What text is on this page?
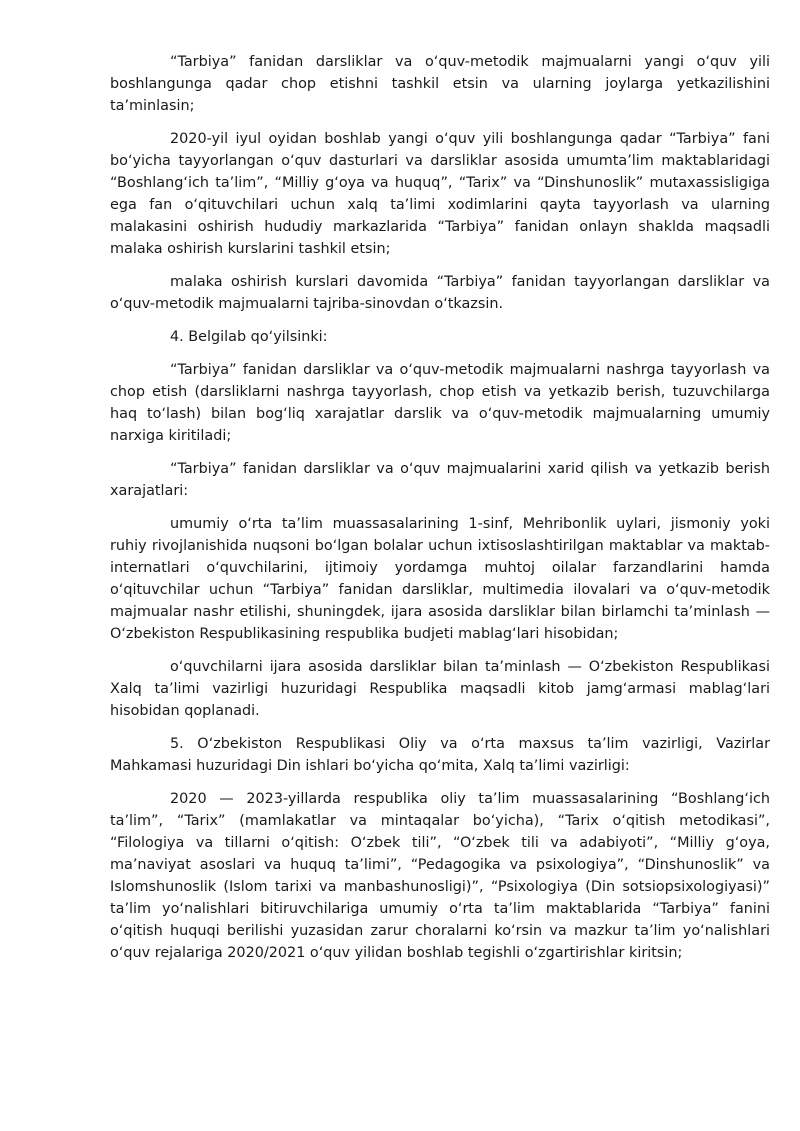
“Tarbiya” fanidan darsliklar va o‘quv-metodik majmualarni yangi o‘quv yili boshlangunga qadar chop etishni tashkil etsin va ularning joylarga yetkazilishini ta’minlasin;

2020-yil iyul oyidan boshlab yangi o‘quv yili boshlangunga qadar “Tarbiya” fani bo‘yicha tayyorlangan o‘quv dasturlari va darsliklar asosida umumta’lim maktablaridagi “Boshlang‘ich ta’lim”, “Milliy g‘oya va huquq”, “Tarix” va “Dinshunoslik” mutaxassisligiga ega fan o‘qituvchilari uchun xalq ta’limi xodimlarini qayta tayyorlash va ularning malakasini oshirish hududiy markazlarida “Tarbiya” fanidan onlayn shaklda maqsadli malaka oshirish kurslarini tashkil etsin;

malaka oshirish kurslari davomida “Tarbiya” fanidan tayyorlangan darsliklar va o‘quv-metodik majmualarni tajriba-sinovdan o‘tkazsin.

4. Belgilab qo‘yilsinki:

“Tarbiya” fanidan darsliklar va o‘quv-metodik majmualarni nashrga tayyorlash va chop etish (darsliklarni nashrga tayyorlash, chop etish va yetkazib berish, tuzuvchilarga haq to‘lash) bilan bog‘liq xarajatlar darslik va o‘quv-metodik majmualarning umumiy narxiga kiritiladi;

“Tarbiya” fanidan darsliklar va o‘quv majmualarini xarid qilish va yetkazib berish xarajatlari:

umumiy o‘rta ta’lim muassasalarining 1-sinf, Mehribonlik uylari, jismoniy yoki ruhiy rivojlanishida nuqsoni bo‘lgan bolalar uchun ixtisoslashtirilgan maktablar va maktab-internatlari o‘quvchilarini, ijtimoiy yordamga muhtoj oilalar farzandlarini hamda o‘qituvchilar uchun “Tarbiya” fanidan darsliklar, multimedia ilovalari va o‘quv-metodik majmualar nashr etilishi, shuningdek, ijara asosida darsliklar bilan birlamchi ta’minlash — O‘zbekiston Respublikasining respublika budjeti mablag‘lari hisobidan;

o‘quvchilarni ijara asosida darsliklar bilan ta’minlash — O‘zbekiston Respublikasi Xalq ta’limi vazirligi huzuridagi Respublika maqsadli kitob jamg‘armasi mablag‘lari hisobidan qoplanadi.

5. O‘zbekiston Respublikasi Oliy va o‘rta maxsus ta’lim vazirligi, Vazirlar Mahkamasi huzuridagi Din ishlari bo‘yicha qo‘mita, Xalq ta’limi vazirligi:

2020 — 2023-yillarda respublika oliy ta’lim muassasalarining “Boshlang‘ich ta’lim”, “Tarix” (mamlakatlar va mintaqalar bo‘yicha), “Tarix o‘qitish metodikasi”, “Filologiya va tillarni o‘qitish: O‘zbek tili”, “O‘zbek tili va adabiyoti”, “Milliy g‘oya, ma’naviyat asoslari va huquq ta’limi”, “Pedagogika va psixologiya”, “Dinshunoslik” va Islomshunoslik (Islom tarixi va manbashunosligi)”, “Psixologiya (Din sotsiopsixologiyasi)” ta’lim yo‘nalishlari bitiruvchilariga umumiy o‘rta ta’lim maktablarida “Tarbiya” fanini o‘qitish huquqi berilishi yuzasidan zarur choralarni ko‘rsin va mazkur ta’lim yo‘nalishlari o‘quv rejalariga 2020/2021 o‘quv yilidan boshlab tegishli o‘zgartirishlar kiritsin;
